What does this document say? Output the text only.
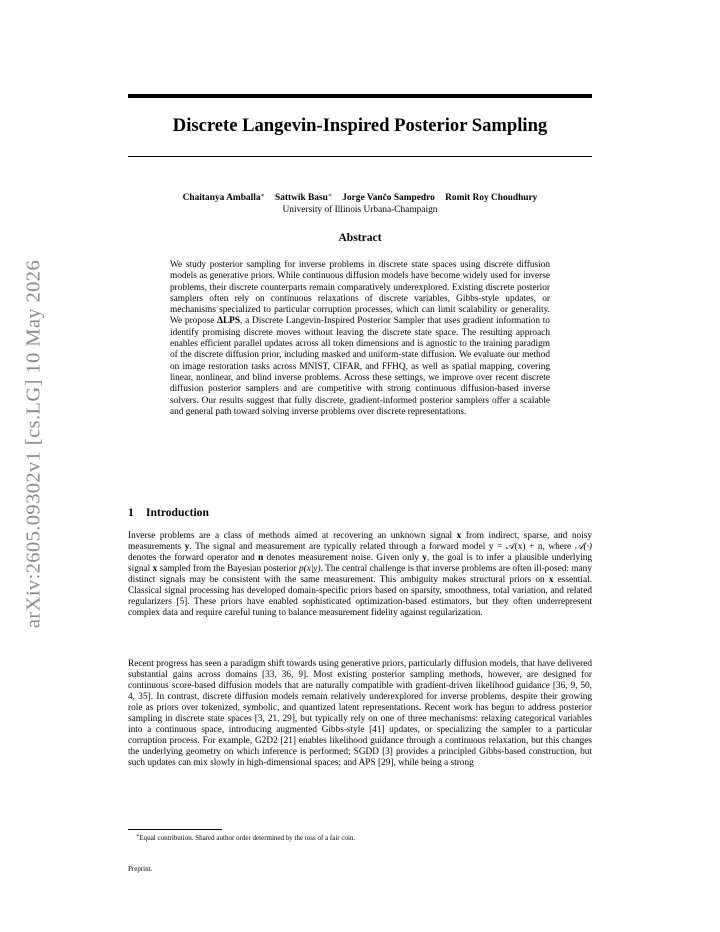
arXiv:2605.09302v1 [cs.LG] 10 May 2026
Discrete Langevin-Inspired Posterior Sampling
Chaitanya Amballa∗ Sattwik Basu∗ Jorge Vančo Sampedro Romit Roy Choudhury
University of Illinois Urbana-Champaign
Abstract

We study posterior sampling for inverse problems in discrete state spaces using discrete diffusion models as generative priors. While continuous diffusion models have become widely used for inverse problems, their discrete counterparts remain comparatively underexplored. Existing discrete posterior samplers often rely on continuous relaxations of discrete variables, Gibbs-style updates, or mechanisms specialized to particular corruption processes, which can limit scalability or generality. We propose ΔLPS, a Discrete Langevin-Inspired Posterior Sampler that uses gradient information to identify promising discrete moves without leaving the discrete state space. The resulting approach enables efficient parallel updates across all token dimensions and is agnostic to the training paradigm of the discrete diffusion prior, including masked and uniform-state diffusion. We evaluate our method on image restoration tasks across MNIST, CIFAR, and FFHQ, as well as spatial mapping, covering linear, nonlinear, and blind inverse problems. Across these settings, we improve over recent discrete diffusion posterior samplers and are competitive with strong continuous diffusion-based inverse solvers. Our results suggest that fully discrete, gradient-informed posterior samplers offer a scalable and general path toward solving inverse problems over discrete representations.

1 Introduction

Inverse problems are a class of methods aimed at recovering an unknown signal x from indirect, sparse, and noisy measurements y. The signal and measurement are typically related through a forward model y = 𝒜(x) + n, where 𝒜(·) denotes the forward operator and n denotes measurement noise. Given only y, the goal is to infer a plausible underlying signal x sampled from the Bayesian posterior p(x|y). The central challenge is that inverse problems are often ill-posed: many distinct signals may be consistent with the same measurement. This ambiguity makes structural priors on x essential. Classical signal processing has developed domain-specific priors based on sparsity, smoothness, total variation, and related regularizers [5]. These priors have enabled sophisticated optimization-based estimators, but they often underrepresent complex data and require careful tuning to balance measurement fidelity against regularization.

Recent progress has seen a paradigm shift towards using generative priors, particularly diffusion models, that have delivered substantial gains across domains [33, 36, 9]. Most existing posterior sampling methods, however, are designed for continuous score-based diffusion models that are naturally compatible with gradient-driven likelihood guidance [36, 9, 50, 4, 35]. In contrast, discrete diffusion models remain relatively underexplored for inverse problems, despite their growing role as priors over tokenized, symbolic, and quantized latent representations. Recent work has begun to address posterior sampling in discrete state spaces [3, 21, 29], but typically rely on one of three mechanisms: relaxing categorical variables into a continuous space, introducing augmented Gibbs-style [41] updates, or specializing the sampler to a particular corruption process. For example, G2D2 [21] enables likelihood guidance through a continuous relaxation, but this changes the underlying geometry on which inference is performed; SGDD [3] provides a principled Gibbs-based construction, but such updates can mix slowly in high-dimensional spaces; and APS [29], while being a strong

∗Equal contribution. Shared author order determined by the toss of a fair coin.

Preprint.
